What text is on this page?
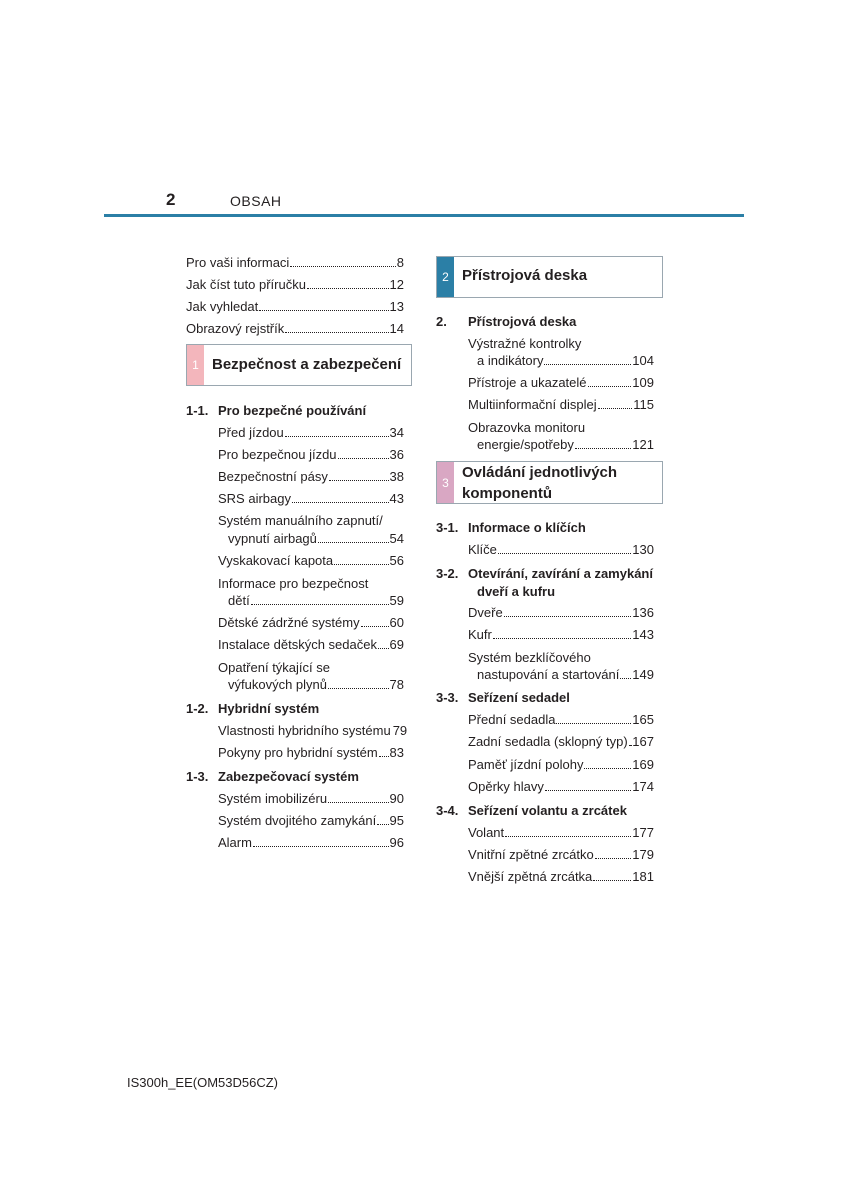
2	OBSAH
Pro vaši informaci	8
Jak číst tuto příručku	12
Jak vyhledat	13
Obrazový rejstřík	14
1 Bezpečnost a zabezpečení
1-1. Pro bezpečné používání
Před jízdou	34
Pro bezpečnou jízdu	36
Bezpečnostní pásy	38
SRS airbagy	43
Systém manuálního zapnutí/
vypnutí airbagů	54
Vyskakovací kapota	56
Informace pro bezpečnost
dětí	59
Dětské zádržné systémy 60
Instalace dětských sedaček 69
Opatření týkající se
výfukových plynů	78
1-2. Hybridní systém
Vlastnosti hybridního systému 79
Pokyny pro hybridní systém 83
1-3. Zabezpečovací systém
Systém imobilizéru	90
Systém dvojitého zamykání 95
Alarm	96
2 Přístrojová deska
2. Přístrojová deska
Výstražné kontrolky
a indikátory	104
Přístroje a ukazatelé	109
Multiinformační displej	115
Obrazovka monitoru
energie/spotřeby	121
3
Ovládání jednotlivých
komponentů
3-1. Informace o klíčích
Klíče	130
3-2. Otevírání, zavírání a zamykání
dveří a kufru
Dveře	136
Kufr	143
Systém bezklíčového
nastupování a startování 149
3-3. Seřízení sedadel
Přední sedadla	165
Zadní sedadla (sklopný typ) 167
Paměť jízdní polohy	169
Opěrky hlavy	174
3-4. Seřízení volantu a zrcátek
Volant	177
Vnitřní zpětné zrcátko	179
Vnější zpětná zrcátka	181
IS300h_EE(OM53D56CZ)
